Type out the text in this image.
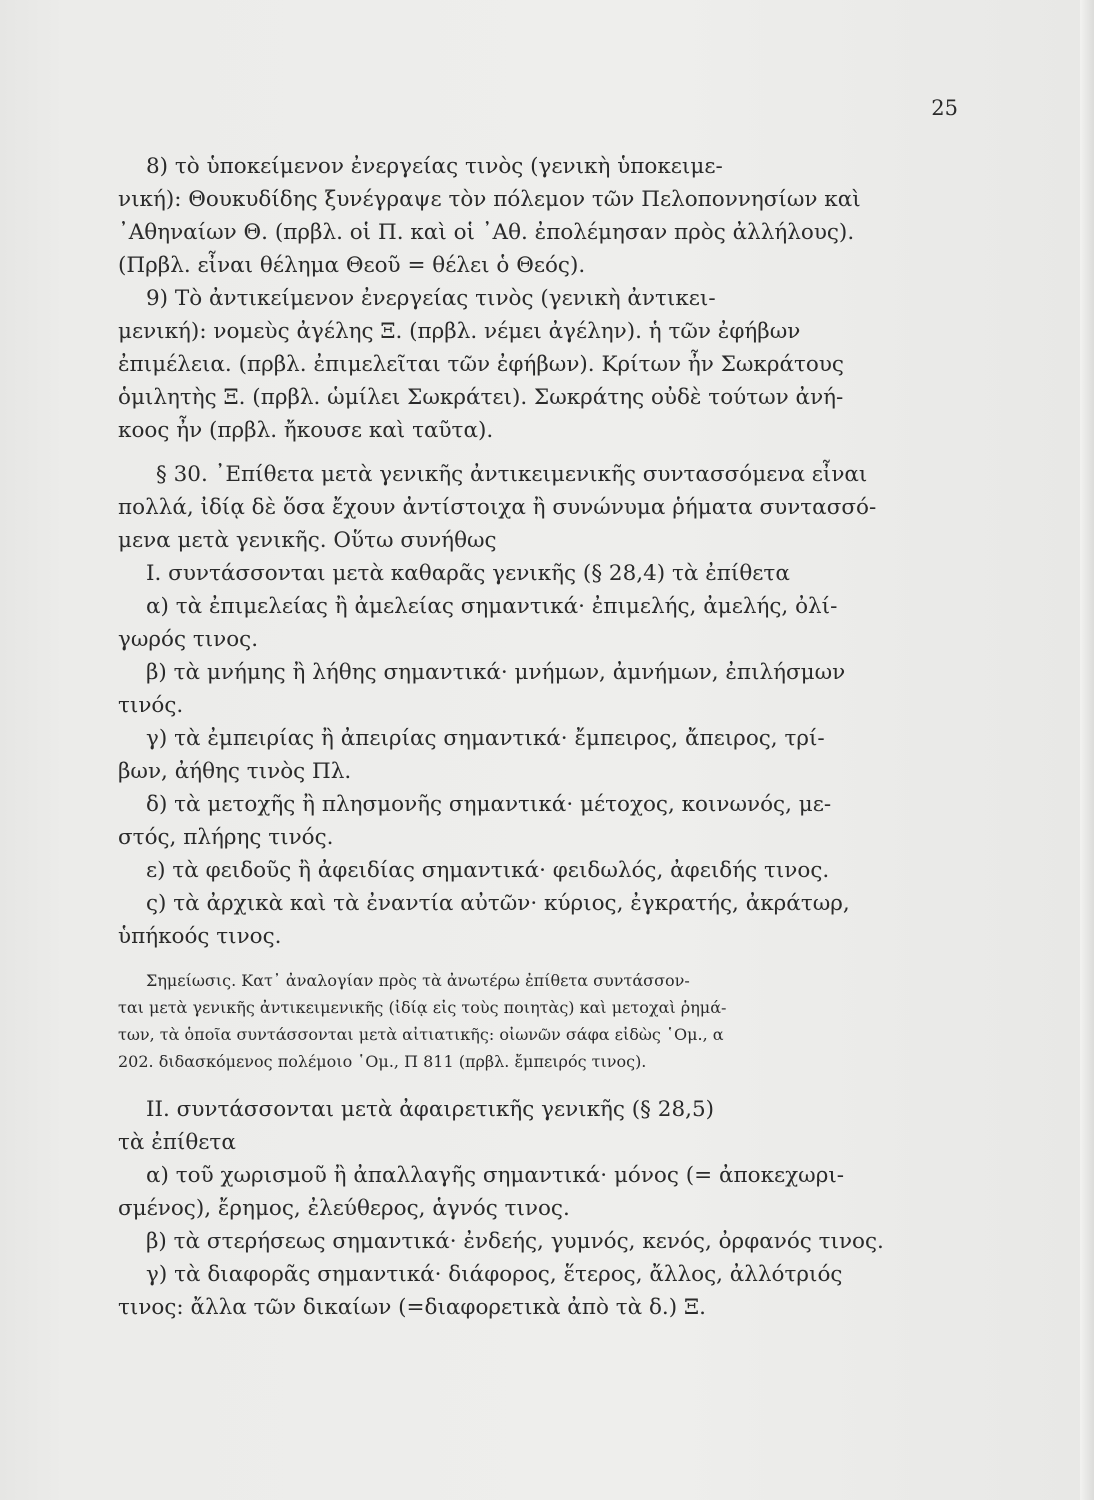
25
8) τὸ ὑποκείμενον ἐνεργείας τινὸς (γενικὴ ὑποκειμε-
νική): Θουκυδίδης ξυνέγραψε τὸν πόλεμον τῶν Πελοποννησίων καὶ
᾽Αθηναίων Θ. (πρβλ. οἱ Π. καὶ οἱ ᾽Αθ. ἐπολέμησαν πρὸς ἀλλήλους).
(Πρβλ. εἶναι θέλημα Θεοῦ = θέλει ὁ Θεός).
9) Τὸ ἀντικείμενον ἐνεργείας τινὸς (γενικὴ ἀντικει-
μενική): νομεὺς ἀγέλης Ξ. (πρβλ. νέμει ἀγέλην). ἡ τῶν ἐφήβων
ἐπιμέλεια. (πρβλ. ἐπιμελεῖται τῶν ἐφήβων). Κρίτων ἦν Σωκράτους
ὁμιλητὴς Ξ. (πρβλ. ὡμίλει Σωκράτει). Σωκράτης οὐδὲ τούτων ἀνή-
κοος ἦν (πρβλ. ἤκουσε καὶ ταῦτα).
§ 30. ᾽Επίθετα μετὰ γενικῆς ἀντικειμενικῆς συντασσόμενα εἶναι
πολλά, ἰδίᾳ δὲ ὅσα ἔχουν ἀντίστοιχα ἢ συνώνυμα ῥήματα συντασσό-
μενα μετὰ γενικῆς. Οὕτω συνήθως
Ι. συντάσσονται μετὰ καθαρᾶς γενικῆς (§ 28,4) τὰ ἐπίθετα
α) τὰ ἐπιμελείας ἢ ἀμελείας σημαντικά· ἐπιμελής, ἀμελής, ὀλί-
γωρός τινος.
β) τὰ μνήμης ἢ λήθης σημαντικά· μνήμων, ἀμνήμων, ἐπιλήσμων
τινός.
γ) τὰ ἐμπειρίας ἢ ἀπειρίας σημαντικά· ἔμπειρος, ἄπειρος, τρί-
βων, ἀήθης τινὸς Πλ.
δ) τὰ μετοχῆς ἢ πλησμονῆς σημαντικά· μέτοχος, κοινωνός, με-
στός, πλήρης τινός.
ε) τὰ φειδοῦς ἢ ἀφειδίας σημαντικά· φειδωλός, ἀφειδής τινος.
ς) τὰ ἀρχικὰ καὶ τὰ ἐναντία αὐτῶν· κύριος, ἐγκρατής, ἀκράτωρ,
ὑπήκοός τινος.
Σημείωσις. Κατ᾽ ἀναλογίαν πρὸς τὰ ἀνωτέρω ἐπίθετα συντάσσον-
ται μετὰ γενικῆς ἀντικειμενικῆς (ἰδίᾳ εἰς τοὺς ποιητὰς) καὶ μετοχαὶ ῥημά-
των, τὰ ὁποῖα συντάσσονται μετὰ αἰτιατικῆς: οἰωνῶν σάφα εἰδὼς ῾Ομ., α
202. διδασκόμενος πολέμοιο ῾Ομ., Π 811 (πρβλ. ἔμπειρός τινος).
ΙΙ. συντάσσονται μετὰ ἀφαιρετικῆς γενικῆς (§ 28,5)
τὰ ἐπίθετα
α) τοῦ χωρισμοῦ ἢ ἀπαλλαγῆς σημαντικά· μόνος (= ἀποκεχωρι-
σμένος), ἔρημος, ἐλεύθερος, ἁγνός τινος.
β) τὰ στερήσεως σημαντικά· ἐνδεής, γυμνός, κενός, ὀρφανός τινος.
γ) τὰ διαφορᾶς σημαντικά· διάφορος, ἕτερος, ἄλλος, ἀλλότριός
τινος: ἄλλα τῶν δικαίων (=διαφορετικὰ ἀπὸ τὰ δ.) Ξ.
